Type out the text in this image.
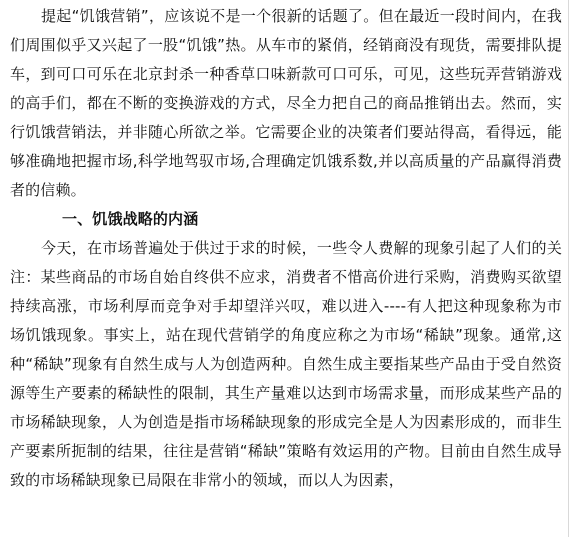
提起“饥饿营销”，应该说不是一个很新的话题了。但在最近一段时间内，在我们周围似乎又兴起了一股“饥饿”热。从车市的紧俏，经销商没有现货，需要排队提车，到可口可乐在北京封杀一种香草口味新款可口可乐，可见，这些玩弄营销游戏的高手们，都在不断的变换游戏的方式，尽全力把自己的商品推销出去。然而，实行饥饿营销法，并非随心所欲之举。它需要企业的决策者们要站得高，看得远，能够准确地把握市场,科学地驾驭市场,合理确定饥饿系数,并以高质量的产品赢得消费者的信赖。

一、饥饿战略的内涵

今天，在市场普遍处于供过于求的时候，一些令人费解的现象引起了人们的关注：某些商品的市场自始自终供不应求，消费者不惜高价进行采购，消费购买欲望持续高涨，市场利厚而竞争对手却望洋兴叹，难以进入----有人把这种现象称为市场饥饿现象。事实上，站在现代营销学的角度应称之为市场“稀缺”现象。通常,这种“稀缺”现象有自然生成与人为创造两种。自然生成主要指某些产品由于受自然资源等生产要素的稀缺性的限制，其生产量难以达到市场需求量，而形成某些产品的市场稀缺现象，人为创造是指市场稀缺现象的形成完全是人为因素形成的，而非生产要素所扼制的结果，往往是营销“稀缺”策略有效运用的产物。目前由自然生成导致的市场稀缺现象已局限在非常小的领域，而以人为因素，
